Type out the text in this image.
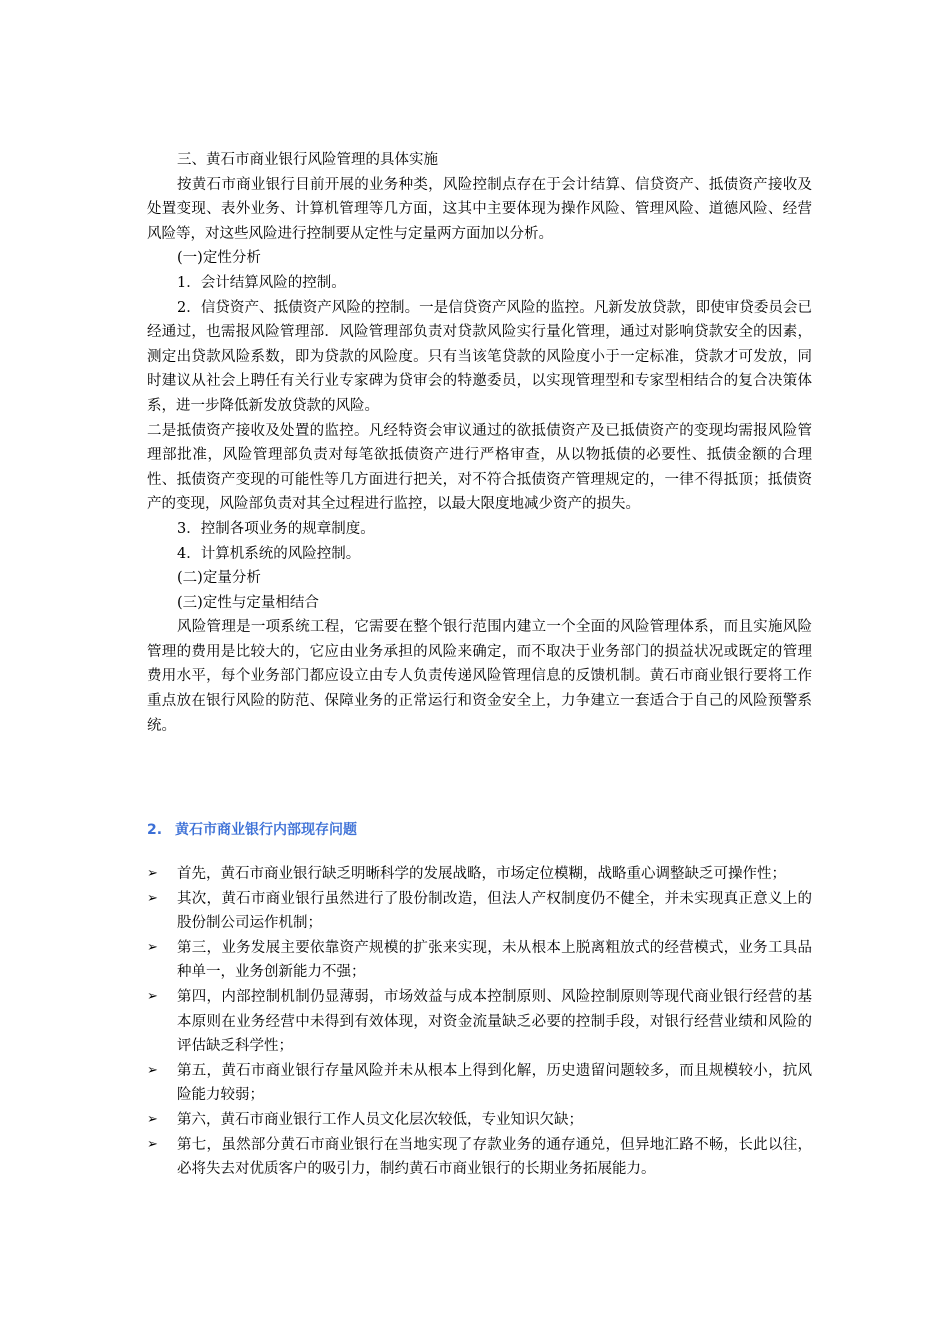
三、黄石市商业银行风险管理的具体实施

按黄石市商业银行目前开展的业务种类，风险控制点存在于会计结算、信贷资产、抵债资产接收及处置变现、表外业务、计算机管理等几方面，这其中主要体现为操作风险、管理风险、道德风险、经营风险等，对这些风险进行控制要从定性与定量两方面加以分析。

(一)定性分析

1．会计结算风险的控制。

2．信贷资产、抵债资产风险的控制。一是信贷资产风险的监控。凡新发放贷款，即使审贷委员会已经通过，也需报风险管理部．风险管理部负责对贷款风险实行量化管理，通过对影响贷款安全的因素，测定出贷款风险系数，即为贷款的风险度。只有当该笔贷款的风险度小于一定标准，贷款才可发放，同时建议从社会上聘任有关行业专家碑为贷审会的特邀委员，以实现管理型和专家型相结合的复合决策体系，进一步降低新发放贷款的风险。

二是抵债资产接收及处置的监控。凡经特资会审议通过的欲抵债资产及已抵债资产的变现均需报风险管理部批准，风险管理部负责对每笔欲抵债资产进行严格审查，从以物抵债的必要性、抵债金额的合理性、抵债资产变现的可能性等几方面进行把关，对不符合抵债资产管理规定的，一律不得抵顶；抵债资产的变现，风险部负责对其全过程进行监控，以最大限度地减少资产的损失。

3．控制各项业务的规章制度。

4．计算机系统的风险控制。

(二)定量分析

(三)定性与定量相结合

风险管理是一项系统工程，它需要在整个银行范围内建立一个全面的风险管理体系，而且实施风险管理的费用是比较大的，它应由业务承担的风险来确定，而不取决于业务部门的损益状况或既定的管理费用水平，每个业务部门都应设立由专人负责传递风险管理信息的反馈机制。黄石市商业银行要将工作重点放在银行风险的防范、保障业务的正常运行和资金安全上，力争建立一套适合于自己的风险预警系统。

2. 黄石市商业银行内部现存问题
➢	首先，黄石市商业银行缺乏明晰科学的发展战略，市场定位模糊，战略重心调整缺乏可操作性；
➢	其次，黄石市商业银行虽然进行了股份制改造，但法人产权制度仍不健全，并未实现真正意义上的股份制公司运作机制；
➢	第三，业务发展主要依靠资产规模的扩张来实现，未从根本上脱离粗放式的经营模式，业务工具品种单一，业务创新能力不强；
➢	第四，内部控制机制仍显薄弱，市场效益与成本控制原则、风险控制原则等现代商业银行经营的基本原则在业务经营中未得到有效体现，对资金流量缺乏必要的控制手段，对银行经营业绩和风险的评估缺乏科学性；
➢	第五，黄石市商业银行存量风险并未从根本上得到化解，历史遗留问题较多，而且规模较小，抗风险能力较弱；
➢	第六，黄石市商业银行工作人员文化层次较低，专业知识欠缺；
➢	第七，虽然部分黄石市商业银行在当地实现了存款业务的通存通兑，但异地汇路不畅，长此以往，必将失去对优质客户的吸引力，制约黄石市商业银行的长期业务拓展能力。
